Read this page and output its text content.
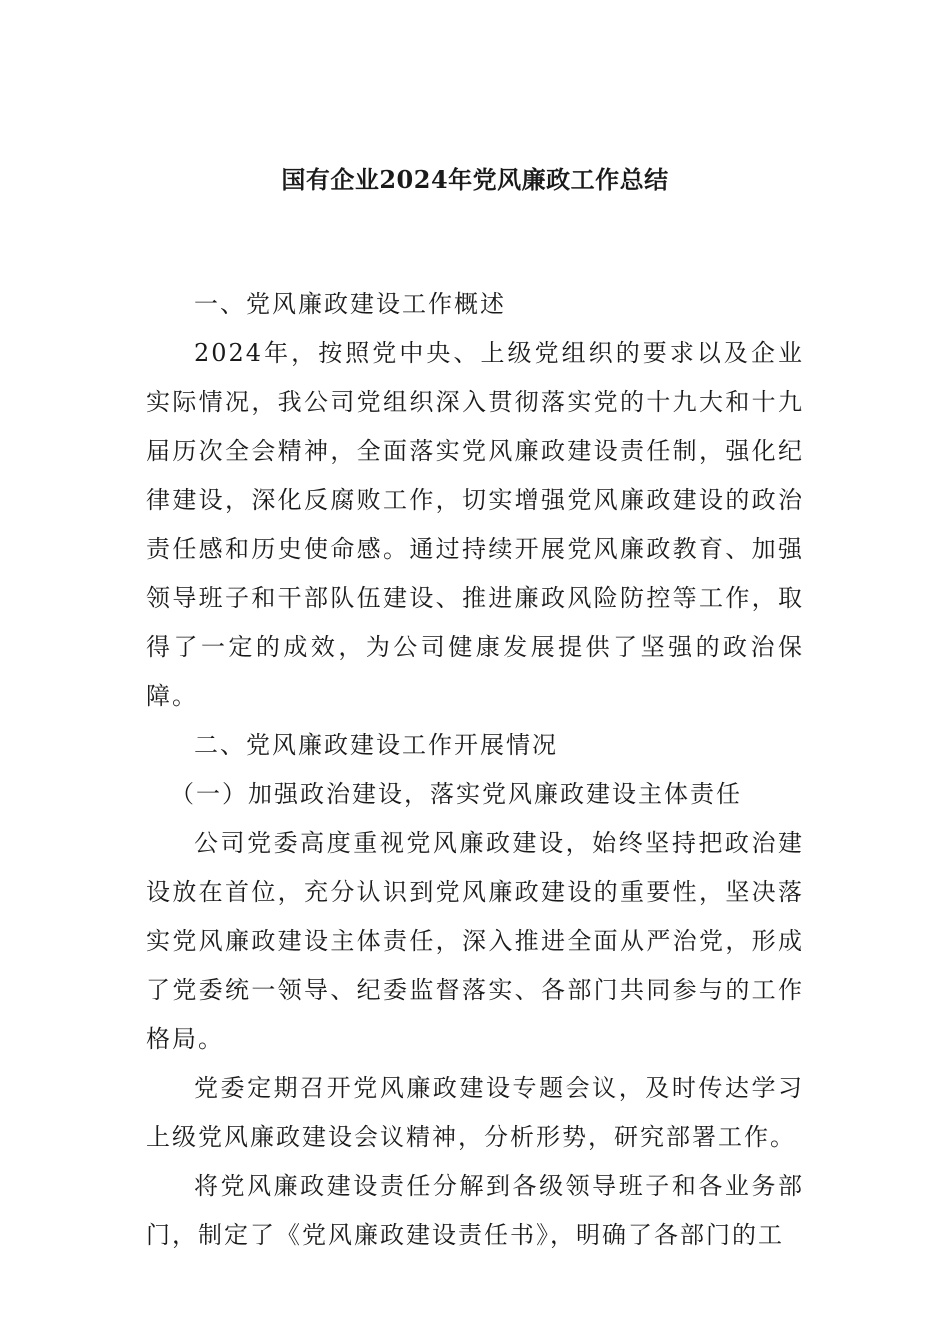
国有企业2024年党风廉政工作总结

一、党风廉政建设工作概述

2024年，按照党中央、上级党组织的要求以及企业实际情况，我公司党组织深入贯彻落实党的十九大和十九届历次全会精神，全面落实党风廉政建设责任制，强化纪律建设，深化反腐败工作，切实增强党风廉政建设的政治责任感和历史使命感。通过持续开展党风廉政教育、加强领导班子和干部队伍建设、推进廉政风险防控等工作，取得了一定的成效，为公司健康发展提供了坚强的政治保障。

二、党风廉政建设工作开展情况

（一）加强政治建设，落实党风廉政建设主体责任

公司党委高度重视党风廉政建设，始终坚持把政治建设放在首位，充分认识到党风廉政建设的重要性，坚决落实党风廉政建设主体责任，深入推进全面从严治党，形成了党委统一领导、纪委监督落实、各部门共同参与的工作格局。

党委定期召开党风廉政建设专题会议，及时传达学习上级党风廉政建设会议精神，分析形势，研究部署工作。

将党风廉政建设责任分解到各级领导班子和各业务部门，制定了《党风廉政建设责任书》，明确了各部门的工
